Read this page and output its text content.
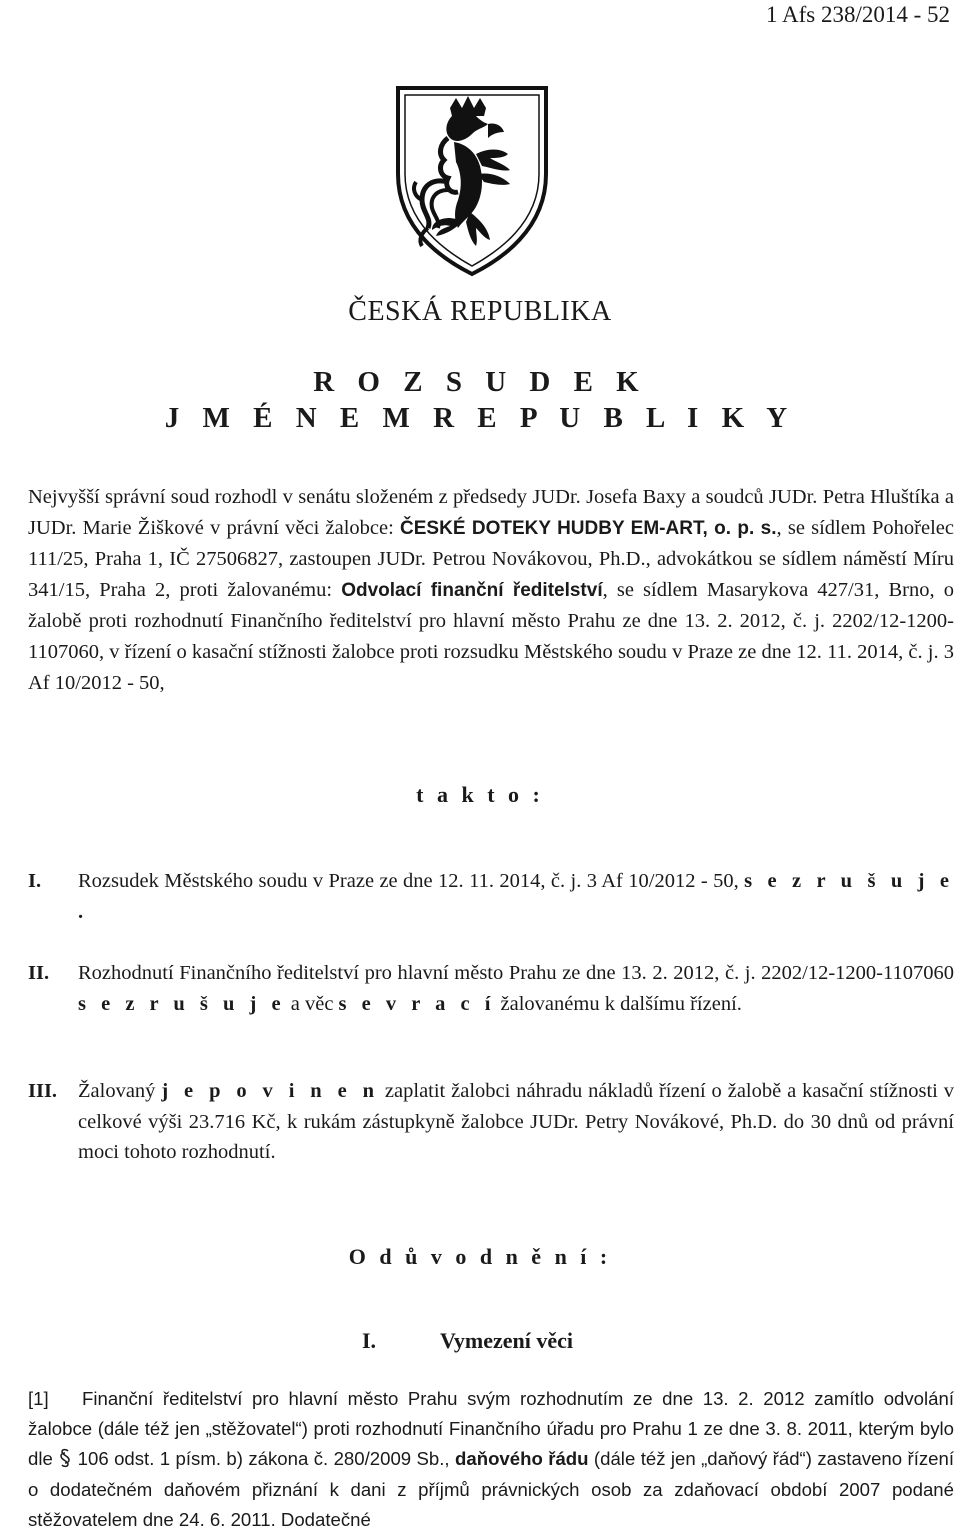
1 Afs 238/2014 - 52
ČESKÁ REPUBLIKA
R O Z S U D E K
J M É N E M R E P U B L I K Y
Nejvyšší správní soud rozhodl v senátu složeném z předsedy JUDr. Josefa Baxy a soudců JUDr. Petra Hluštíka a JUDr. Marie Žiškové v právní věci žalobce: ČESKÉ DOTEKY HUDBY EM-ART, o. p. s., se sídlem Pohořelec 111/25, Praha 1, IČ 27506827, zastoupen JUDr. Petrou Novákovou, Ph.D., advokátkou se sídlem náměstí Míru 341/15, Praha 2, proti žalovanému: Odvolací finanční ředitelství, se sídlem Masarykova 427/31, Brno, o žalobě proti rozhodnutí Finančního ředitelství pro hlavní město Prahu ze dne 13. 2. 2012, č. j. 2202/12-1200-1107060, v řízení o kasační stížnosti žalobce proti rozsudku Městského soudu v Praze ze dne 12. 11. 2014, č. j. 3 Af 10/2012 - 50,
t a k t o :
I. Rozsudek Městského soudu v Praze ze dne 12. 11. 2014, č. j. 3 Af 10/2012 - 50, s e z r u š u j e .
II. Rozhodnutí Finančního ředitelství pro hlavní město Prahu ze dne 13. 2. 2012, č. j. 2202/12-1200-1107060 s e z r u š u j e a věc s e v r a c í žalovanému k dalšímu řízení.
III. Žalovaný j e p o v i n e n zaplatit žalobci náhradu nákladů řízení o žalobě a kasační stížnosti v celkové výši 23.716 Kč, k rukám zástupkyně žalobce JUDr. Petry Novákové, Ph.D. do 30 dnů od právní moci tohoto rozhodnutí.
O d ů v o d n ě n í :
I.	Vymezení věci
[1] Finanční ředitelství pro hlavní město Prahu svým rozhodnutím ze dne 13. 2. 2012 zamítlo odvolání žalobce (dále též jen „stěžovatel“) proti rozhodnutí Finančního úřadu pro Prahu 1 ze dne 3. 8. 2011, kterým bylo dle  106 odst. 1 písm. b) zákona č. 280/2009 Sb., daňového řádu (dále též jen „daňový řád“) zastaveno řízení o dodatečném daňovém přiznání k dani z příjmů právnických osob za zdaňovací období 2007 podané stěžovatelem dne 24. 6. 2011. Dodatečné
